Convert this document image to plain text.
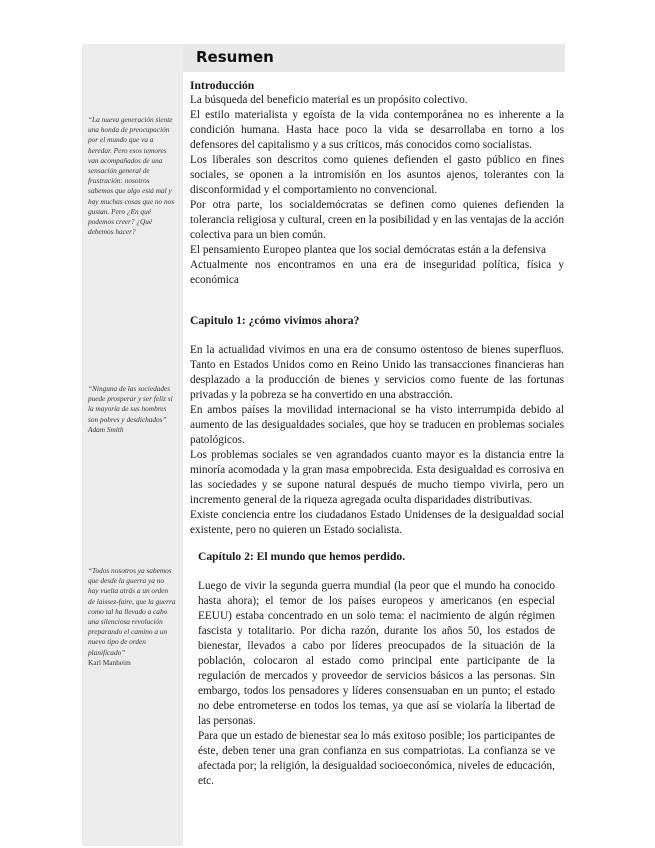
Resumen
“La nueva generación siente una honda de preocupación por el mundo que va a heredar. Pero esos temores van acompañados de una sensación general de frustración: nosotros sabemos que algo está mal y hay muchas cosas que no nos gustan. Pero ¿En qué podemos creer? ¿Qué debemos hacer?
“Ninguna de las sociedades puede prosperar y ser feliz si la mayoría de sus hombres son pobres y desdichados” Adam Smith
“Todos nosotros ya sabemos que desde la guerra ya no hay vuelta atrás a un orden de laissez-faire, que la guerra como tal ha llevado a cabo una silenciosa revolución preparando el camino a un nuevo tipo de orden planificado”
Karl Manheim
Introducción

La búsqueda del beneficio material es un propósito colectivo.

El estilo materialista y egoísta de la vida contemporánea no es inherente a la condición humana. Hasta hace poco la vida se desarrollaba en torno a los defensores del capitalismo y a sus críticos, más conocidos como socialistas.

Los liberales son descritos como quienes defienden el gasto público en fines sociales, se oponen a la intromisión en los asuntos ajenos, tolerantes con la disconformidad y el comportamiento no convencional.

Por otra parte, los socialdemócratas se definen como quienes defienden la tolerancia religiosa y cultural, creen en la posibilidad y en las ventajas de la acción colectiva para un bien común.

El pensamiento Europeo plantea que los social demócratas están a la defensiva

Actualmente nos encontramos en una era de inseguridad política, física y económica

Capitulo 1: ¿cómo vivimos ahora?

En la actualidad vivimos en una era de consumo ostentoso de bienes superfluos. Tanto en Estados Unidos como en Reino Unido las transacciones financieras han desplazado a la producción de bienes y servicios como fuente de las fortunas privadas y la pobreza se ha convertido en una abstracción.

En ambos países la movilidad internacional se ha visto interrumpida debido al aumento de las desigualdades sociales, que hoy se traducen en problemas sociales patológicos.

Los problemas sociales se ven agrandados cuanto mayor es la distancia entre la minoría acomodada y la gran masa empobrecida. Esta desigualdad es corrosiva en las sociedades y se supone natural después de mucho tiempo vivirla, pero un incremento general de la riqueza agregada oculta disparidades distributivas.

Existe conciencia entre los ciudadanos Estado Unidenses de la desigualdad social existente, pero no quieren un Estado socialista.

Capítulo 2: El mundo que hemos perdido.

Luego de vivir la segunda guerra mundial (la peor que el mundo ha conocido hasta ahora); el temor de los países europeos y americanos (en especial EEUU) estaba concentrado en un solo tema: el nacimiento de algún régimen fascista y totalitario. Por dicha razón, durante los años 50, los estados de bienestar, llevados a cabo por líderes preocupados de la situación de la población, colocaron al estado como principal ente participante de la regulación de mercados y proveedor de servicios básicos a las personas. Sin embargo, todos los pensadores y líderes consensuaban en un punto; el estado no debe entrometerse en todos los temas, ya que así se violaría la libertad de las personas.

Para que un estado de bienestar sea lo más exitoso posible; los participantes de éste, deben tener una gran confianza en sus compatriotas. La confianza se ve afectada por; la religión, la desigualdad socioeconómica, niveles de educación, etc.
